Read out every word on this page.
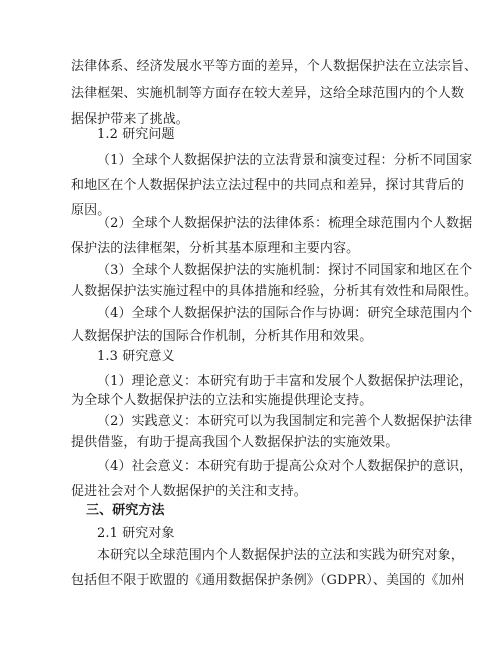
法律体系、经济发展水平等方面的差异，个人数据保护法在立法宗旨、
法律框架、实施机制等方面存在较大差异，这给全球范围内的个人数
据保护带来了挑战。
1.2 研究问题
（1）全球个人数据保护法的立法背景和演变过程：分析不同国家
和地区在个人数据保护法立法过程中的共同点和差异，探讨其背后的
原因。
（2）全球个人数据保护法的法律体系：梳理全球范围内个人数据
保护法的法律框架，分析其基本原理和主要内容。
（3）全球个人数据保护法的实施机制：探讨不同国家和地区在个
人数据保护法实施过程中的具体措施和经验，分析其有效性和局限性。
（4）全球个人数据保护法的国际合作与协调：研究全球范围内个
人数据保护法的国际合作机制，分析其作用和效果。
1.3 研究意义
（1）理论意义：本研究有助于丰富和发展个人数据保护法理论，
为全球个人数据保护法的立法和实施提供理论支持。
（2）实践意义：本研究可以为我国制定和完善个人数据保护法律
提供借鉴，有助于提高我国个人数据保护法的实施效果。
（4）社会意义：本研究有助于提高公众对个人数据保护的意识，
促进社会对个人数据保护的关注和支持。
三、研究方法
2.1 研究对象
本研究以全球范围内个人数据保护法的立法和实践为研究对象，
包括但不限于欧盟的《通用数据保护条例》（GDPR）、美国的《加州
